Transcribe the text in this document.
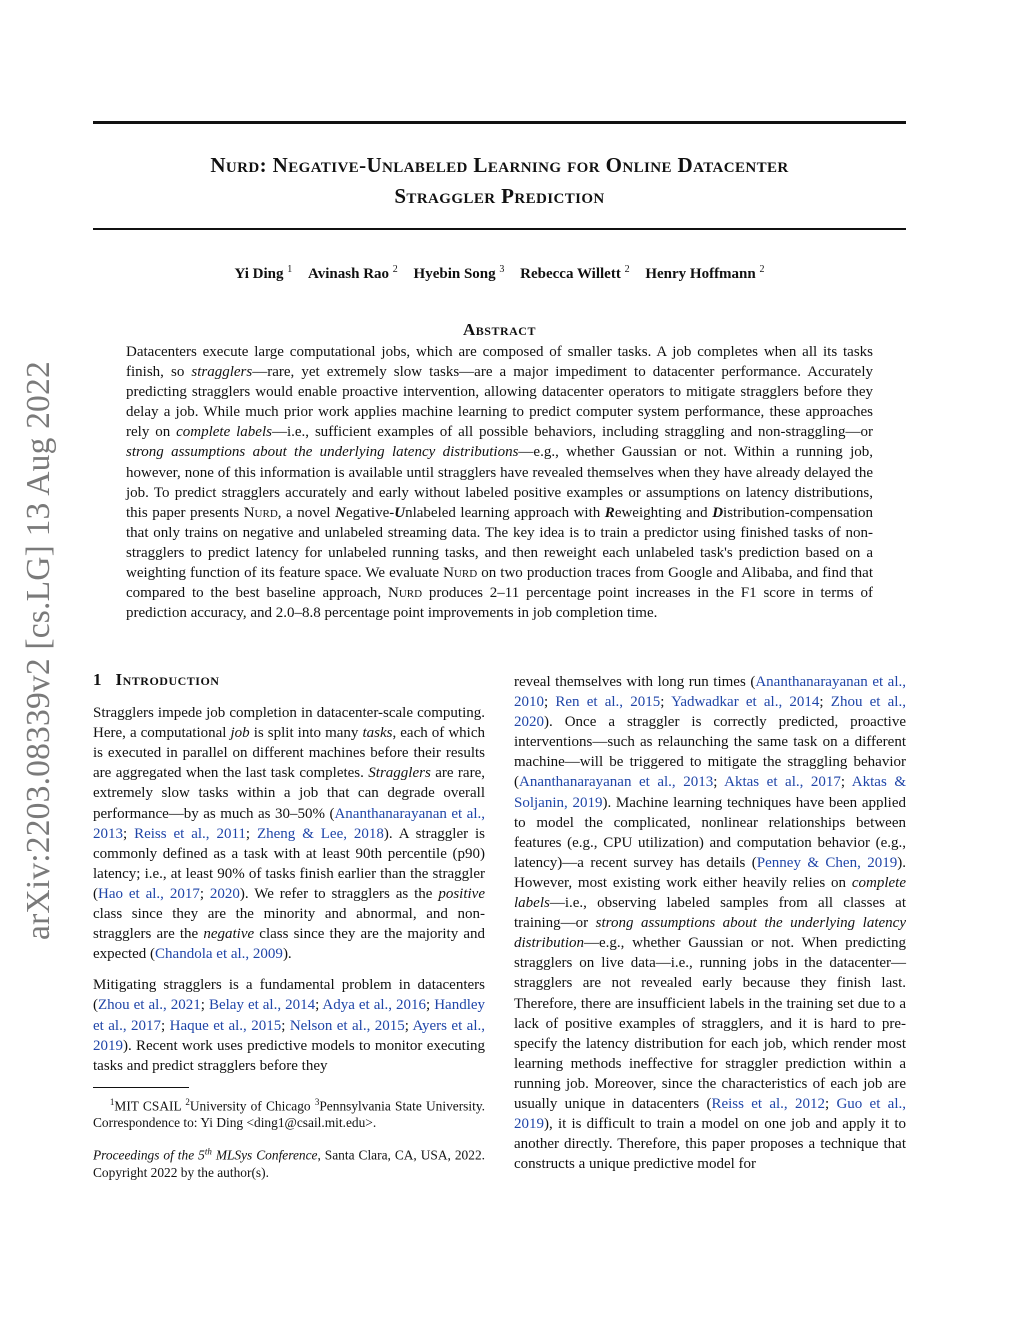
Nurd: Negative-Unlabeled Learning for Online Datacenter
Straggler Prediction
Yi Ding $^1$ Avinash Rao $^2$ Hyebin Song $^3$ Rebecca Willett $^2$ Henry Hoffmann $^2$
Abstract
Datacenters execute large computational jobs, which are composed of smaller tasks. A job completes when all its tasks finish, so stragglers—rare, yet extremely slow tasks—are a major impediment to datacenter performance. Accurately predicting stragglers would enable proactive intervention, allowing datacenter operators to mitigate stragglers before they delay a job. While much prior work applies machine learning to predict computer system performance, these approaches rely on complete labels—i.e., sufficient examples of all possible behaviors, including straggling and non-straggling—or strong assumptions about the underlying latency distributions—e.g., whether Gaussian or not. Within a running job, however, none of this information is available until stragglers have revealed themselves when they have already delayed the job. To predict stragglers accurately and early without labeled positive examples or assumptions on latency distributions, this paper presents Nurd, a novel Negative-Unlabeled learning approach with Reweighting and Distribution-compensation that only trains on negative and unlabeled streaming data. The key idea is to train a predictor using finished tasks of non-stragglers to predict latency for unlabeled running tasks, and then reweight each unlabeled task's prediction based on a weighting function of its feature space. We evaluate Nurd on two production traces from Google and Alibaba, and find that compared to the best baseline approach, Nurd produces 2–11 percentage point increases in the F1 score in terms of prediction accuracy, and 2.0–8.8 percentage point improvements in job completion time.
arXiv:2203.08339v2 [cs.LG] 13 Aug 2022 1 Introduction

Stragglers impede job completion in datacenter-scale computing. Here, a computational job is split into many tasks, each of which is executed in parallel on different machines before their results are aggregated when the last task completes. Stragglers are rare, extremely slow tasks within a job that can degrade overall performance—by as much as 30–50% (Ananthanarayanan et al., 2013; Reiss et al., 2011; Zheng & Lee, 2018). A straggler is commonly defined as a task with at least 90th percentile (p90) latency; i.e., at least 90% of tasks finish earlier than the straggler (Hao et al., 2017; 2020). We refer to stragglers as the positive class since they are the minority and abnormal, and non-stragglers are the negative class since they are the majority and expected (Chandola et al., 2009).

Mitigating stragglers is a fundamental problem in datacenters (Zhou et al., 2021; Belay et al., 2014; Adya et al., 2016; Handley et al., 2017; Haque et al., 2015; Nelson et al., 2015; Ayers et al., 2019). Recent work uses predictive models to monitor executing tasks and predict stragglers before they

$^1$MIT CSAIL $^2$University of Chicago $^3$Pennsylvania State University. Correspondence to: Yi Ding <ding1@csail.mit.edu>.
Proceedings of the 5th MLSys Conference, Santa Clara, CA, USA, 2022. Copyright 2022 by the author(s).

reveal themselves with long run times (Ananthanarayanan et al., 2010; Ren et al., 2015; Yadwadkar et al., 2014; Zhou et al., 2020). Once a straggler is correctly predicted, proactive interventions—such as relaunching the same task on a different machine—will be triggered to mitigate the straggling behavior (Ananthanarayanan et al., 2013; Aktas et al., 2017; Aktas & Soljanin, 2019). Machine learning techniques have been applied to model the complicated, nonlinear relationships between features (e.g., CPU utilization) and computation behavior (e.g., latency)—a recent survey has details (Penney & Chen, 2019). However, most existing work either heavily relies on complete labels—i.e., observing labeled samples from all classes at training—or strong assumptions about the underlying latency distribution—e.g., whether Gaussian or not. When predicting stragglers on live data—i.e., running jobs in the datacenter—stragglers are not revealed early because they finish last. Therefore, there are insufficient labels in the training set due to a lack of positive examples of stragglers, and it is hard to pre-specify the latency distribution for each job, which render most learning methods ineffective for straggler prediction within a running job. Moreover, since the characteristics of each job are usually unique in datacenters (Reiss et al., 2012; Guo et al., 2019), it is difficult to train a model on one job and apply it to another directly. Therefore, this paper proposes a technique that constructs a unique predictive model for
